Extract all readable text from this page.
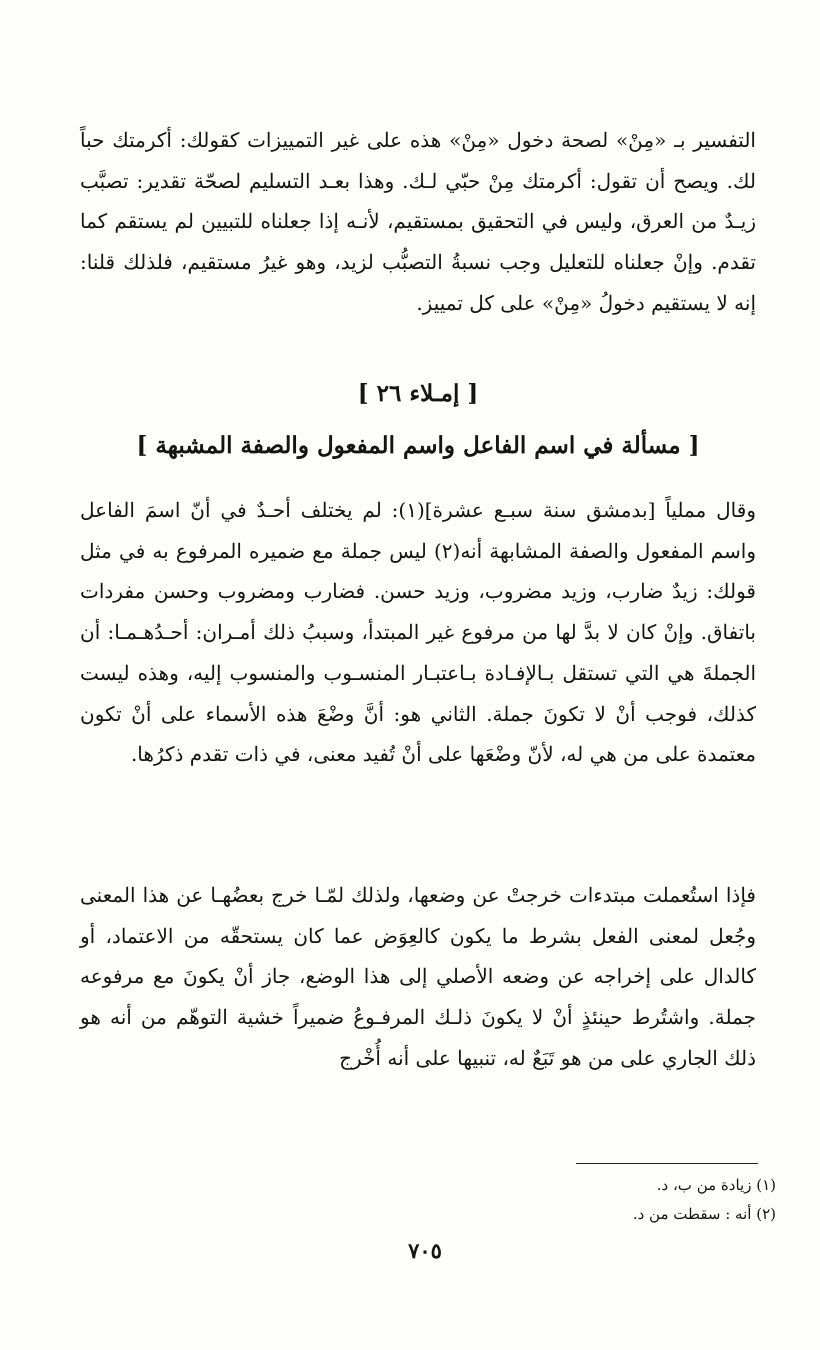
التفسير بـ «مِنْ» لصحة دخول «مِنْ» هذه على غير التمييزات كقولك: أكرمتك حباً لك. ويصح أن تقول: أكرمتك مِنْ حبّي لـك. وهذا بعـد التسليم لصحّة تقدير: تصبَّب زيـدٌ من العرق، وليس في التحقيق بمستقيم، لأنـه إذا جعلناه للتبيين لم يستقم كما تقدم. وإنْ جعلناه للتعليل وجب نسبةُ التصبُّب لزيد، وهو غيرُ مستقيم، فلذلك قلنا: إنه لا يستقيم دخولُ «مِنْ» على كل تمييز.

[ إمـلاء ٢٦ ]
[ مسألة في اسم الفاعل واسم المفعول والصفة المشبهة ]

وقال مملياً [بدمشق سنة سبـع عشرة](١): لم يختلف أحـدٌ في أنّ اسمَ الفاعل واسم المفعول والصفة المشابهة أنه(٢) ليس جملة مع ضميره المرفوع به في مثل قولك: زيدٌ ضارب، وزيد مضروب، وزيد حسن. فضارب ومضروب وحسن مفردات باتفاق. وإنْ كان لا بدَّ لها من مرفوع غير المبتدأ، وسببُ ذلك أمـران: أحـدُهـمـا: أن الجملةَ هي التي تستقل بـالإفـادة بـاعتبـار المنسـوب والمنسوب إليه، وهذه ليست كذلك، فوجب أنْ لا تكونَ جملة. الثاني هو: أنَّ وضْعَ هذه الأسماء على أنْ تكون معتمدة على من هي له، لأنّ وضْعَها على أنْ تُفيد معنى، في ذات تقدم ذكرُها.

فإذا استُعملت مبتدءات خرجتْ عن وضعها، ولذلك لمّـا خرج بعضُهـا عن هذا المعنى وجُعل لمعنى الفعل بشرط ما يكون كالعِوَض عما كان يستحقّه من الاعتماد، أو كالدال على إخراجه عن وضعه الأصلي إلى هذا الوضع، جاز أنْ يكونَ مع مرفوعه جملة. واشتُرط حينئذٍ أنْ لا يكونَ ذلـك المرفـوعُ ضميراً خشية التوهّم من أنه هو ذلك الجاري على من هو تَبَعٌ له، تنبيها على أنه أُخْرج

(١) زيادة من ب، د.
(٢) أنه : سقطت من د.
٧٠٥
